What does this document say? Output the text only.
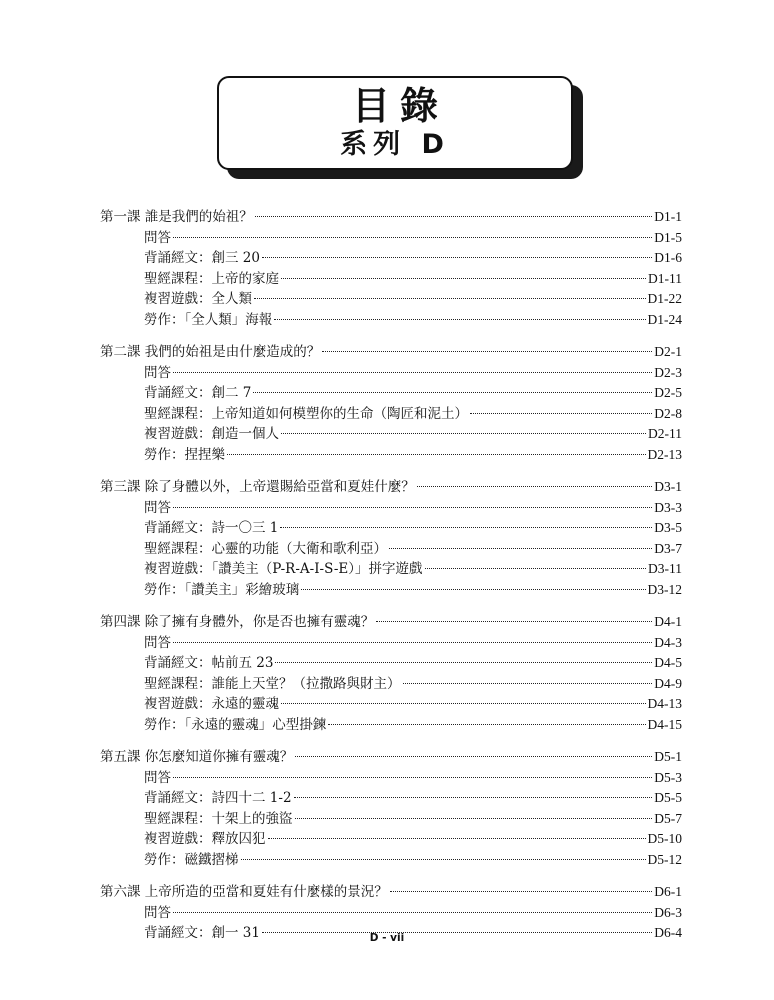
目錄
系列 D
第一課 誰是我們的始祖？	D1-1
問答	D1-5
背誦經文：創三 20	D1-6
聖經課程：上帝的家庭	D1-11
複習遊戲：全人類	D1-22
勞作：「全人類」海報	D1-24
第二課 我們的始祖是由什麼造成的？	D2-1
問答	D2-3
背誦經文：創二 7	D2-5
聖經課程：上帝知道如何模塑你的生命（陶匠和泥土）	D2-8
複習遊戲：創造一個人	D2-11
勞作：捏捏樂	D2-13
第三課 除了身體以外，上帝還賜給亞當和夏娃什麼？	D3-1
問答	D3-3
背誦經文：詩一〇三 1	D3-5
聖經課程：心靈的功能（大衛和歌利亞）	D3-7
複習遊戲：「讚美主（P-R-A-I-S-E）」拼字遊戲	D3-11
勞作：「讚美主」彩繪玻璃	D3-12
第四課 除了擁有身體外，你是否也擁有靈魂？	D4-1
問答	D4-3
背誦經文：帖前五 23	D4-5
聖經課程：誰能上天堂？（拉撒路與財主）	D4-9
複習遊戲：永遠的靈魂	D4-13
勞作：「永遠的靈魂」心型掛鍊	D4-15
第五課 你怎麼知道你擁有靈魂？	D5-1
問答	D5-3
背誦經文：詩四十二 1-2	D5-5
聖經課程：十架上的強盜	D5-7
複習遊戲：釋放囚犯	D5-10
勞作：磁鐵摺梯	D5-12
第六課 上帝所造的亞當和夏娃有什麼樣的景況？	D6-1
問答	D6-3
背誦經文：創一 31	D6-4
D - vii
